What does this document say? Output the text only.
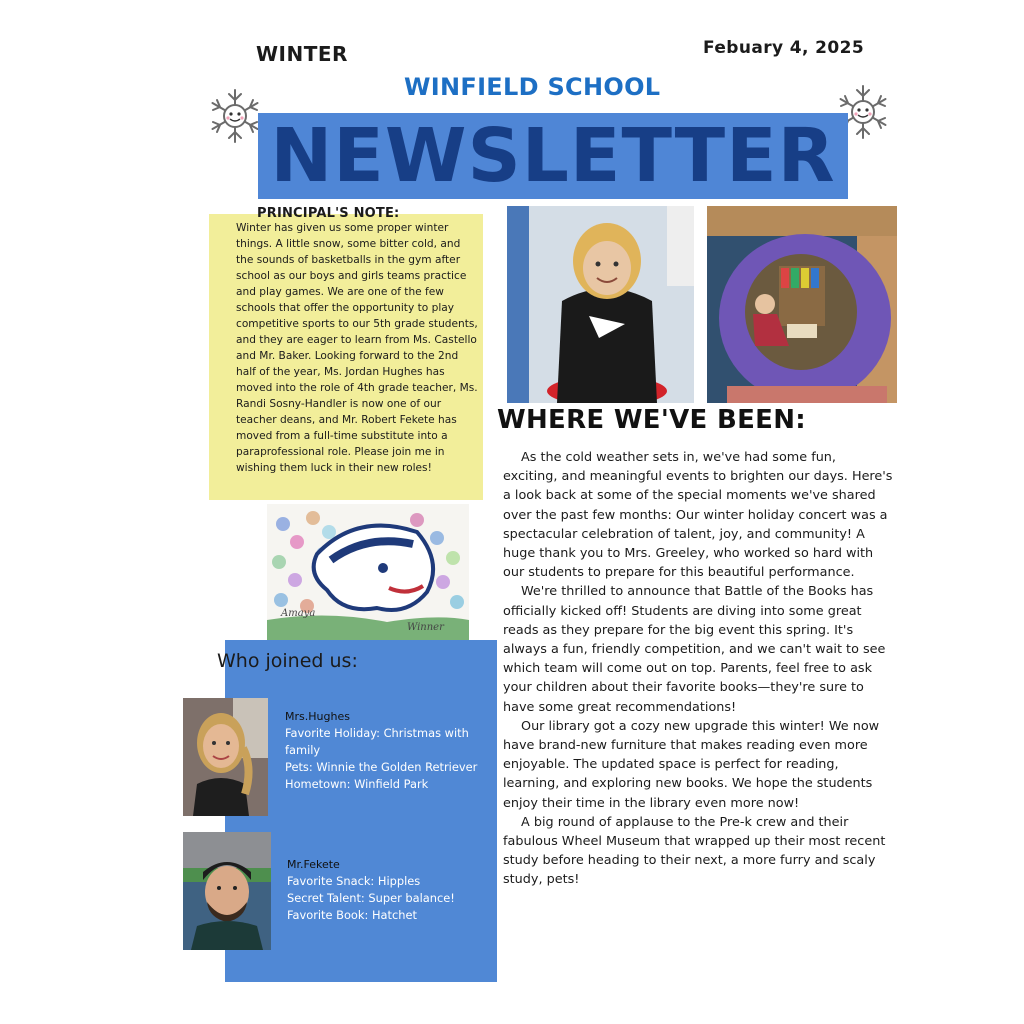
WINTER	Febuary 4, 2025
WINFIELD SCHOOL
NEWSLETTER
PRINCIPAL'S NOTE:
Winter has given us some proper winter things. A little snow, some bitter cold, and the sounds of basketballs in the gym after school as our boys and girls teams practice and play games. We are one of the few schools that offer the opportunity to play competitive sports to our 5th grade students, and they are eager to learn from Ms. Castello and Mr. Baker. Looking forward to the 2nd half of the year, Ms. Jordan Hughes has moved into the role of 4th grade teacher, Ms. Randi Sosny-Handler is now one of our teacher deans, and Mr. Robert Fekete has moved from a full-time substitute into a paraprofessional role. Please join me in wishing them luck in their new roles!
WHERE WE'VE BEEN:

As the cold weather sets in, we've had some fun, exciting, and meaningful events to brighten our days. Here's a look back at some of the special moments we've shared over the past few months: Our winter holiday concert was a spectacular celebration of talent, joy, and community! A huge thank you to Mrs. Greeley, who worked so hard with our students to prepare for this beautiful performance.

We're thrilled to announce that Battle of the Books has officially kicked off! Students are diving into some great reads as they prepare for the big event this spring. It's always a fun, friendly competition, and we can't wait to see which team will come out on top. Parents, feel free to ask your children about their favorite books—they're sure to have some great recommendations!

Our library got a cozy new upgrade this winter! We now have brand-new furniture that makes reading even more enjoyable. The updated space is perfect for reading, learning, and exploring new books. We hope the students enjoy their time in the library even more now!

A big round of applause to the Pre-k crew and their fabulous Wheel Museum that wrapped up their most recent study before heading to their next, a more furry and scaly study, pets!

Amaya
Winner
Who joined us:
Mrs.Hughes
Favorite Holiday: Christmas with family
Pets: Winnie the Golden Retriever
Hometown: Winfield Park
Mr.Fekete
Favorite Snack: Hipples
Secret Talent: Super balance!
Favorite Book: Hatchet
